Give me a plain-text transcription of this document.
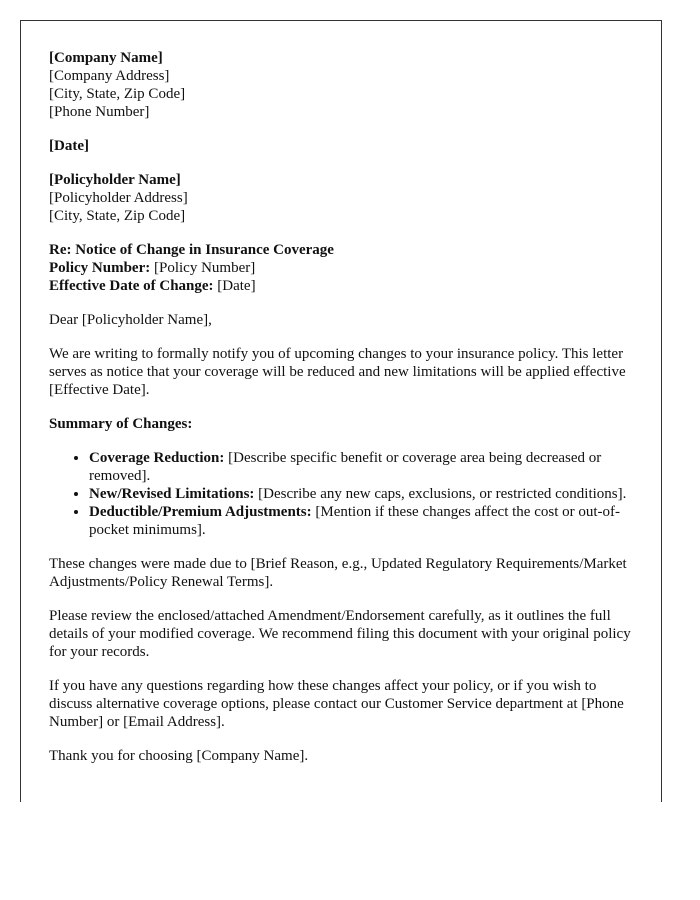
[Company Name]
[Company Address]
[City, State, Zip Code]
[Phone Number]

[Date]

[Policyholder Name]
[Policyholder Address]
[City, State, Zip Code]

Re: Notice of Change in Insurance Coverage
Policy Number: [Policy Number]
Effective Date of Change: [Date]

Dear [Policyholder Name],

We are writing to formally notify you of upcoming changes to your insurance policy. This letter serves as notice that your coverage will be reduced and new limitations will be applied effective [Effective Date].

Summary of Changes:

• Coverage Reduction: [Describe specific benefit or coverage area being decreased or removed].
• New/Revised Limitations: [Describe any new caps, exclusions, or restricted conditions].
• Deductible/Premium Adjustments: [Mention if these changes affect the cost or out-of-pocket minimums].

These changes were made due to [Brief Reason, e.g., Updated Regulatory Requirements/Market Adjustments/Policy Renewal Terms].

Please review the enclosed/attached Amendment/Endorsement carefully, as it outlines the full details of your modified coverage. We recommend filing this document with your original policy for your records.

If you have any questions regarding how these changes affect your policy, or if you wish to discuss alternative coverage options, please contact our Customer Service department at [Phone Number] or [Email Address].

Thank you for choosing [Company Name].
